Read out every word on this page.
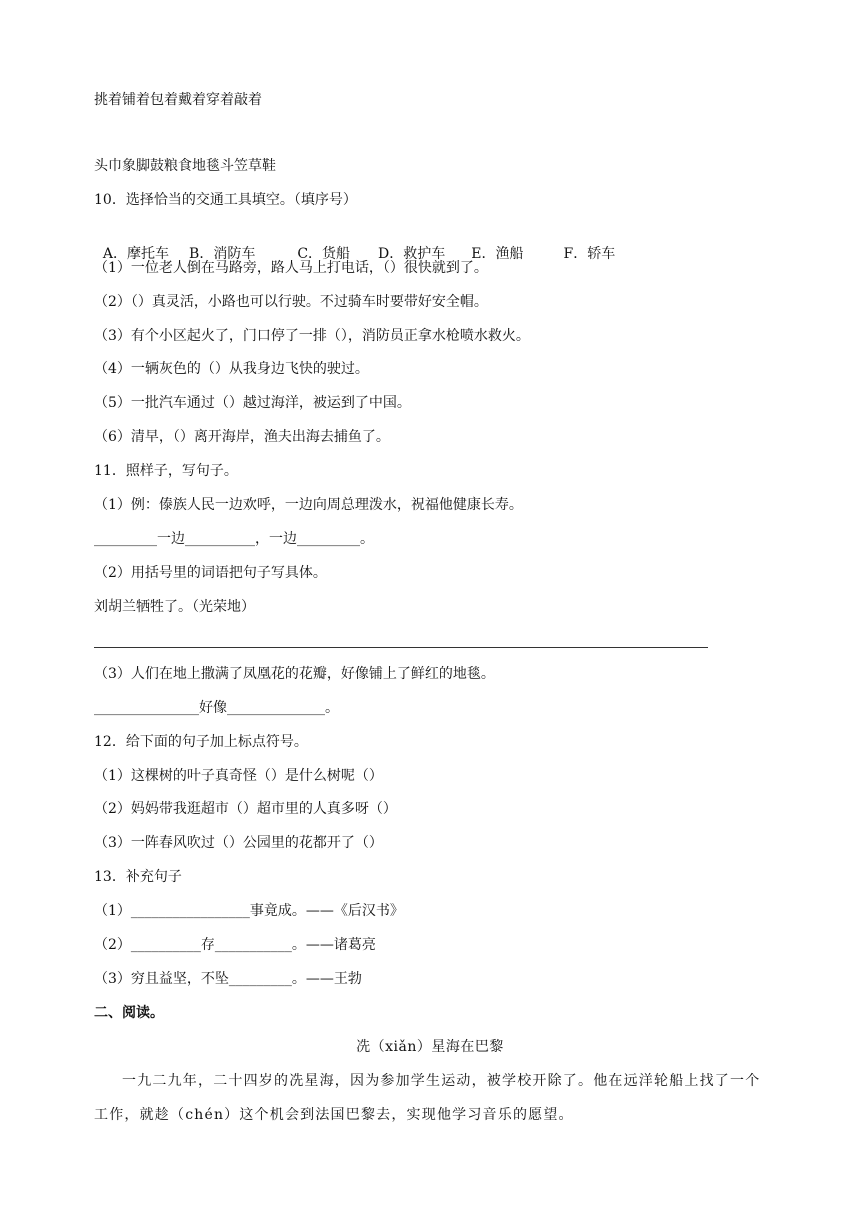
挑着铺着包着戴着穿着敲着
头巾象脚鼓粮食地毯斗笠草鞋
10．选择恰当的交通工具填空。（填序号）

A．摩托车 B．消防车	C．货船 D．救护车 E．渔船	F．轿车

（1）一位老人倒在马路旁，路人马上打电话，（）很快就到了。
（2）（）真灵活，小路也可以行驶。不过骑车时要带好安全帽。
（3）有个小区起火了，门口停了一排（），消防员正拿水枪喷水救火。
（4）一辆灰色的（）从我身边飞快的驶过。
（5）一批汽车通过（）越过海洋，被运到了中国。
（6）清早，（）离开海岸，渔夫出海去捕鱼了。
11．照样子，写句子。
（1）例：傣族人民一边欢呼，一边向周总理泼水，祝福他健康长寿。
_________一边__________，一边_________。
（2）用括号里的词语把句子写具体。
刘胡兰牺牲了。（光荣地）
（3）人们在地上撒满了凤凰花的花瓣，好像铺上了鲜红的地毯。
_______________好像______________。
12．给下面的句子加上标点符号。
（1）这棵树的叶子真奇怪（）是什么树呢（）
（2）妈妈带我逛超市（）超市里的人真多呀（）
（3）一阵春风吹过（）公园里的花都开了（）
13．补充句子
（1）_________________事竟成。——《后汉书》
（2）__________存___________。——诸葛亮
（3）穷且益坚，不坠_________。——王勃
二、阅读。
冼（xiǎn）星海在巴黎
一九二九年，二十四岁的冼星海，因为参加学生运动，被学校开除了。他在远洋轮船上找了一个工作，就趁（chén）这个机会到法国巴黎去，实现他学习音乐的愿望。
